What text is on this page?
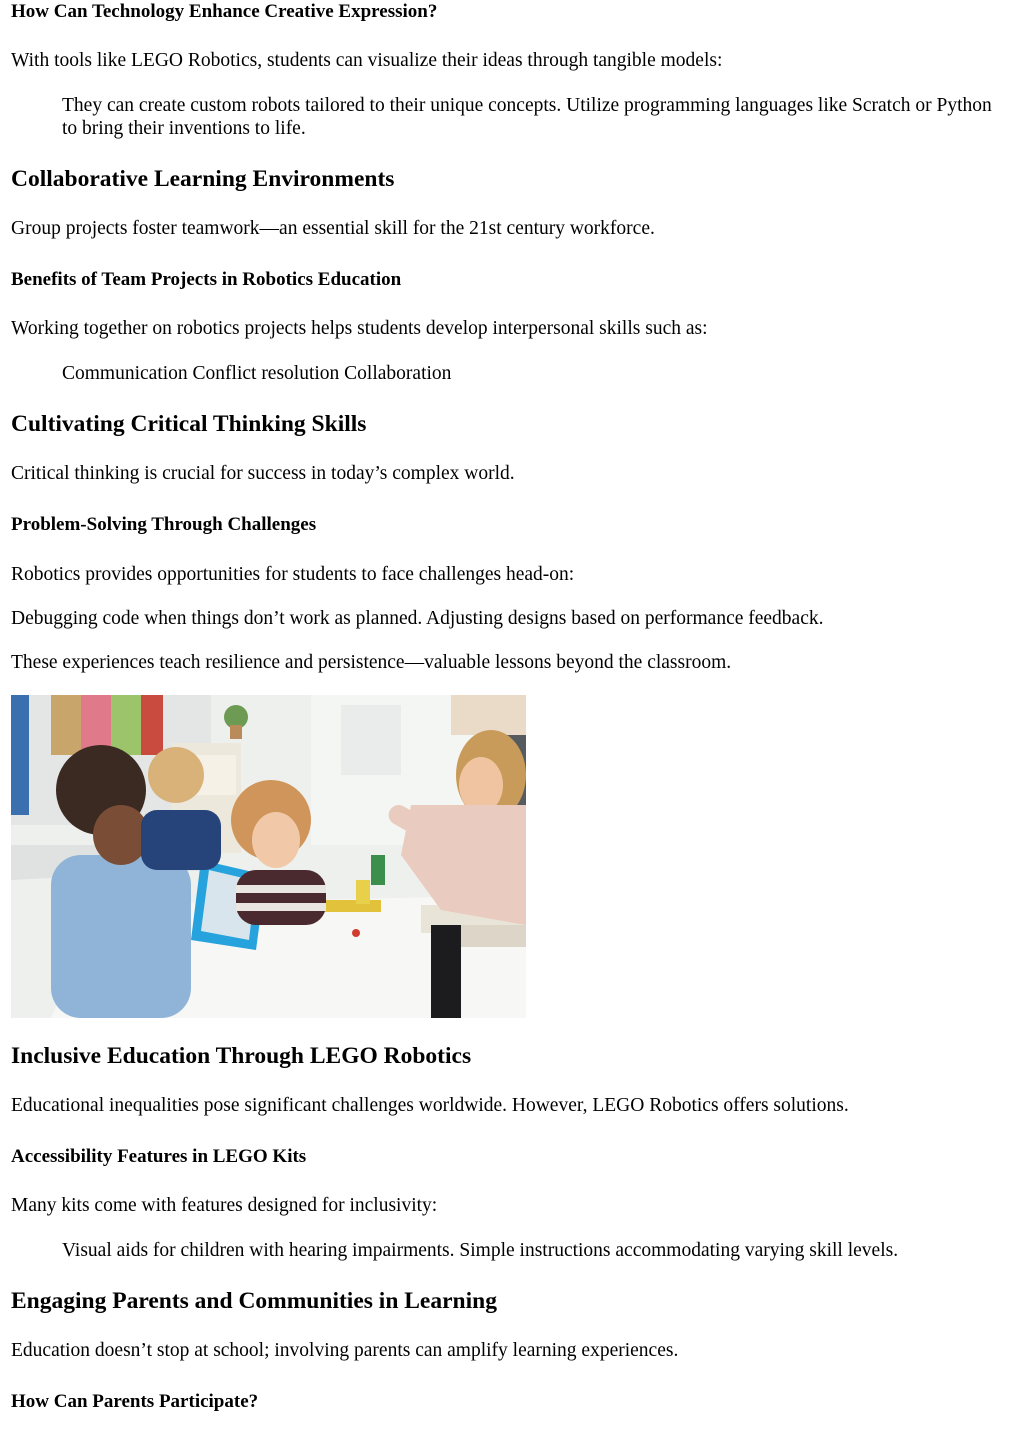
How Can Technology Enhance Creative Expression?

With tools like LEGO Robotics, students can visualize their ideas through tangible models:

They can create custom robots tailored to their unique concepts. Utilize programming languages like Scratch or Python to bring their inventions to life.

Collaborative Learning Environments

Group projects foster teamwork—an essential skill for the 21st century workforce.

Benefits of Team Projects in Robotics Education

Working together on robotics projects helps students develop interpersonal skills such as:

Communication Conflict resolution Collaboration

Cultivating Critical Thinking Skills

Critical thinking is crucial for success in today’s complex world.

Problem-Solving Through Challenges

Robotics provides opportunities for students to face challenges head-on:

Debugging code when things don’t work as planned. Adjusting designs based on performance feedback.

These experiences teach resilience and persistence—valuable lessons beyond the classroom.

Inclusive Education Through LEGO Robotics

Educational inequalities pose significant challenges worldwide. However, LEGO Robotics offers solutions.

Accessibility Features in LEGO Kits

Many kits come with features designed for inclusivity:

Visual aids for children with hearing impairments. Simple instructions accommodating varying skill levels.

Engaging Parents and Communities in Learning

Education doesn’t stop at school; involving parents can amplify learning experiences.

How Can Parents Participate?
